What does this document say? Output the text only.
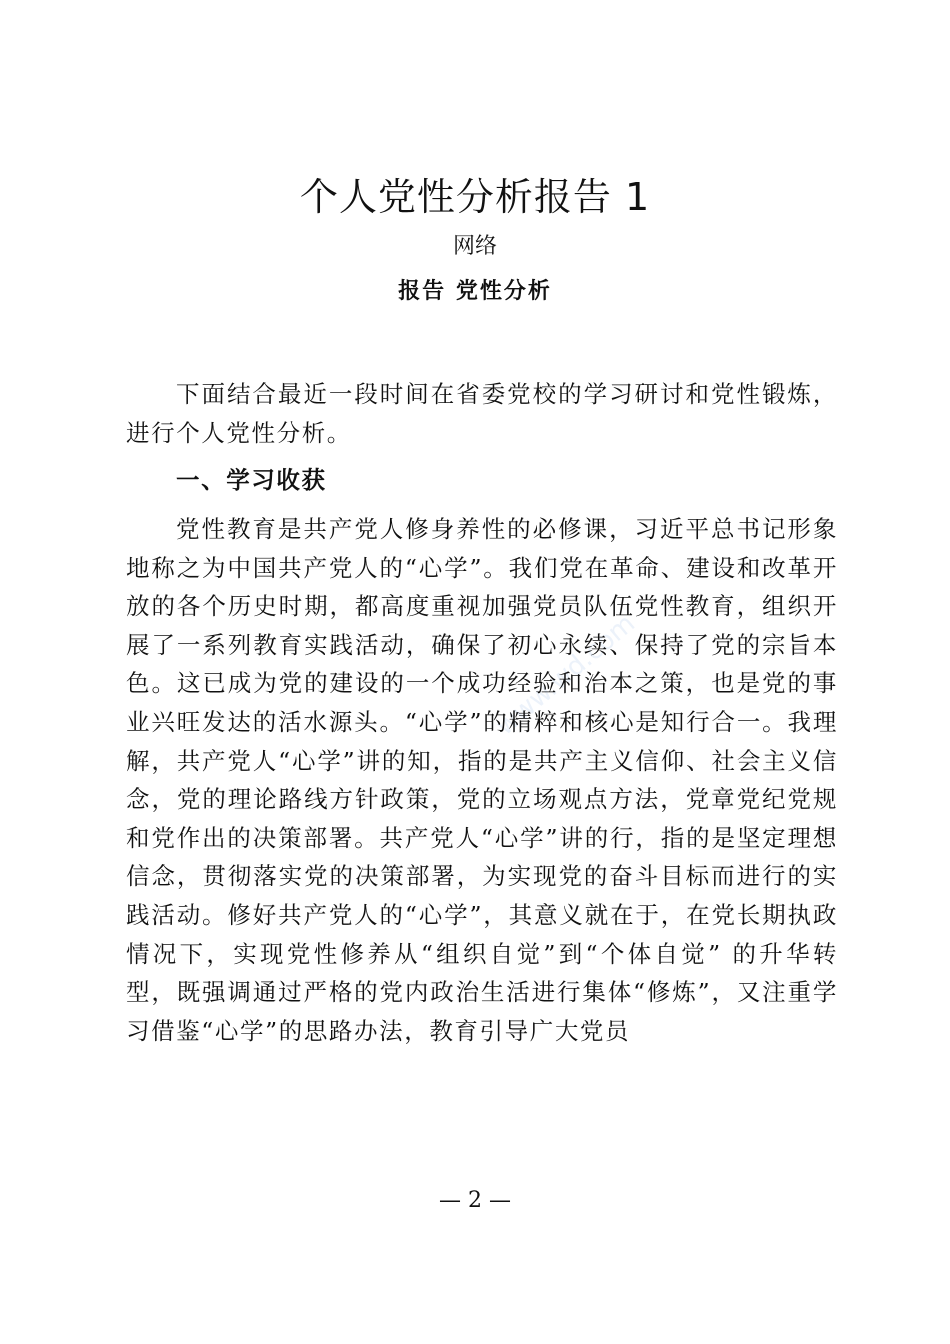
www.wd.com
个人党性分析报告 1
网络
报告 党性分析
下面结合最近一段时间在省委党校的学习研讨和党性锻炼，进行个人党性分析。
一、学习收获
党性教育是共产党人修身养性的必修课，习近平总书记形象地称之为中国共产党人的“心学”。我们党在革命、建设和改革开放的各个历史时期，都高度重视加强党员队伍党性教育，组织开展了一系列教育实践活动，确保了初心永续、保持了党的宗旨本色。这已成为党的建设的一个成功经验和治本之策，也是党的事业兴旺发达的活水源头。“心学”的精粹和核心是知行合一。我理解，共产党人“心学”讲的知，指的是共产主义信仰、社会主义信念，党的理论路线方针政策，党的立场观点方法，党章党纪党规和党作出的决策部署。共产党人“心学”讲的行，指的是坚定理想信念，贯彻落实党的决策部署，为实现党的奋斗目标而进行的实践活动。修好共产党人的“心学”，其意义就在于，在党长期执政情况下，实现党性修养从“组织自觉”到“个体自觉” 的升华转型，既强调通过严格的党内政治生活进行集体“修炼”，又注重学习借鉴“心学”的思路办法，教育引导广大党员
— 2 —
